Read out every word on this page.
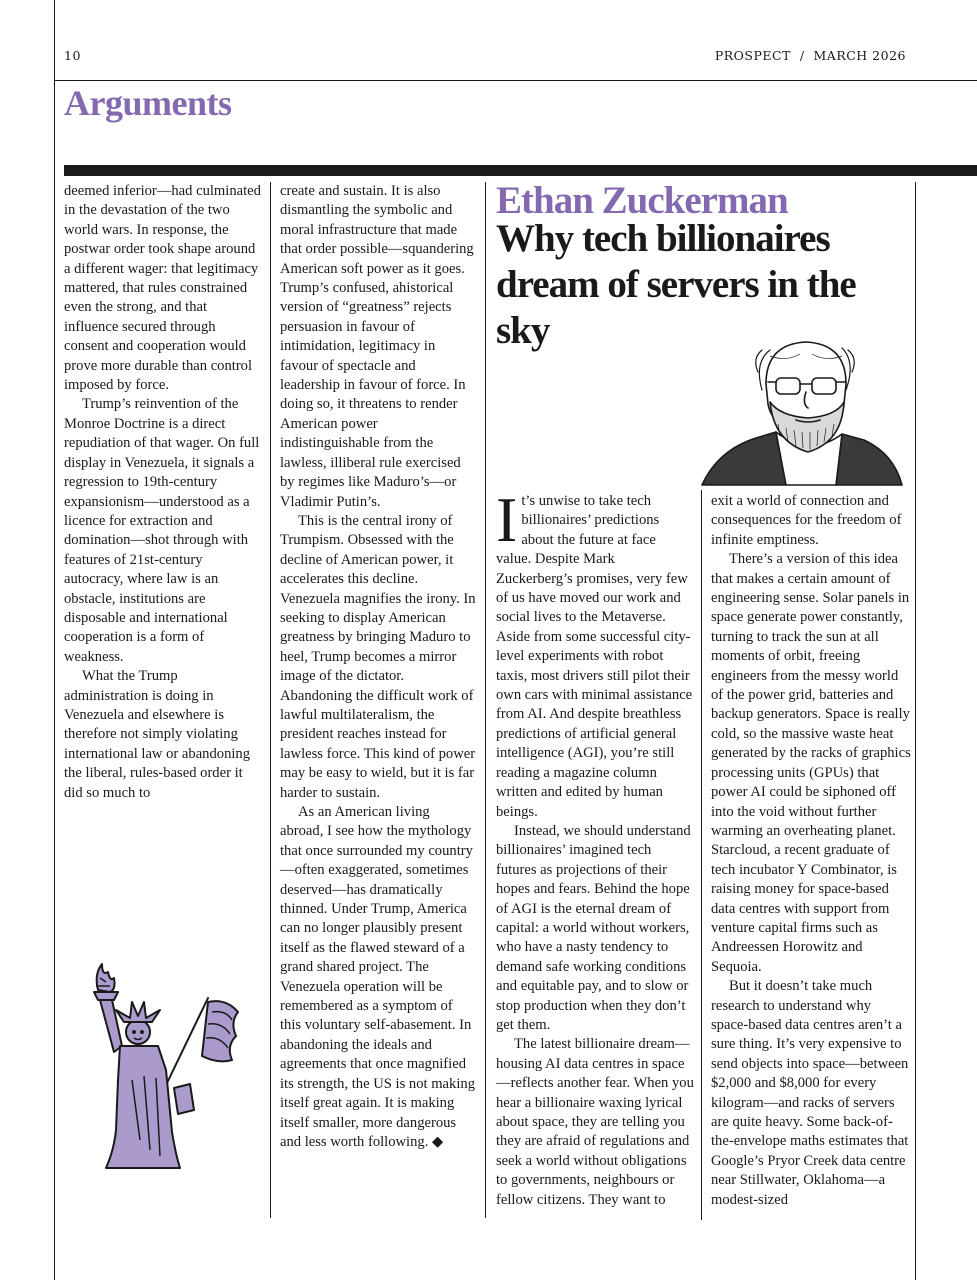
10	PROSPECT  /  MARCH 2026
Arguments

deemed inferior—had culminated in the devastation of the two world wars. In response, the postwar order took shape around a different wager: that legitimacy mattered, that rules constrained even the strong, and that influence secured through consent and cooperation would prove more durable than control imposed by force.

Trump’s reinvention of the Monroe Doctrine is a direct repudiation of that wager. On full display in Venezuela, it signals a regression to 19th-century expansionism—understood as a licence for extraction and domination—shot through with features of 21st-century autocracy, where law is an obstacle, institutions are disposable and international cooperation is a form of weakness.

What the Trump administration is doing in Venezuela and elsewhere is therefore not simply violating international law or abandoning the liberal, rules-based order it did so much to

create and sustain. It is also dismantling the symbolic and moral infrastructure that made that order possible—squandering American soft power as it goes. Trump’s confused, ahistorical version of “greatness” rejects persuasion in favour of intimidation, legitimacy in favour of spectacle and leadership in favour of force. In doing so, it threatens to render American power indistinguishable from the lawless, illiberal rule exercised by regimes like Maduro’s—or Vladimir Putin’s.

This is the central irony of Trumpism. Obsessed with the decline of American power, it accelerates this decline. Venezuela magnifies the irony. In seeking to display American greatness by bringing Maduro to heel, Trump becomes a mirror image of the dictator. Abandoning the difficult work of lawful multilateralism, the president reaches instead for lawless force. This kind of power may be easy to wield, but it is far harder to sustain.

As an American living abroad, I see how the mythology that once surrounded my country—often exaggerated, sometimes deserved—has dramatically thinned. Under Trump, America can no longer plausibly present itself as the flawed steward of a grand shared project. The Venezuela operation will be remembered as a symptom of this voluntary self-abasement. In abandoning the ideals and agreements that once magnified its strength, the US is not making itself great again. It is making itself smaller, more dangerous and less worth following. ◆

Ethan Zuckerman
Why tech billionaires dream of servers in the sky

It’s unwise to take tech billionaires’ predictions about the future at face value. Despite Mark Zuckerberg’s promises, very few of us have moved our work and social lives to the Metaverse. Aside from some successful city-level experiments with robot taxis, most drivers still pilot their own cars with minimal assistance from AI. And despite breathless predictions of artificial general intelligence (AGI), you’re still reading a magazine column written and edited by human beings.

Instead, we should understand billionaires’ imagined tech futures as projections of their hopes and fears. Behind the hope of AGI is the eternal dream of capital: a world without workers, who have a nasty tendency to demand safe working conditions and equitable pay, and to slow or stop production when they don’t get them.

The latest billionaire dream—housing AI data centres in space—reflects another fear. When you hear a billionaire waxing lyrical about space, they are telling you they are afraid of regulations and seek a world without obligations to governments, neighbours or fellow citizens. They want to

exit a world of connection and consequences for the freedom of infinite emptiness.

There’s a version of this idea that makes a certain amount of engineering sense. Solar panels in space generate power constantly, turning to track the sun at all moments of orbit, freeing engineers from the messy world of the power grid, batteries and backup generators. Space is really cold, so the massive waste heat generated by the racks of graphics processing units (GPUs) that power AI could be siphoned off into the void without further warming an overheating planet. Starcloud, a recent graduate of tech incubator Y Combinator, is raising money for space-based data centres with support from venture capital firms such as Andreessen Horowitz and Sequoia.

But it doesn’t take much research to understand why space-based data centres aren’t a sure thing. It’s very expensive to send objects into space—between $2,000 and $8,000 for every kilogram—and racks of servers are quite heavy. Some back-of-the-envelope maths estimates that Google’s Pryor Creek data centre near Stillwater, Oklahoma—a modest-sized
